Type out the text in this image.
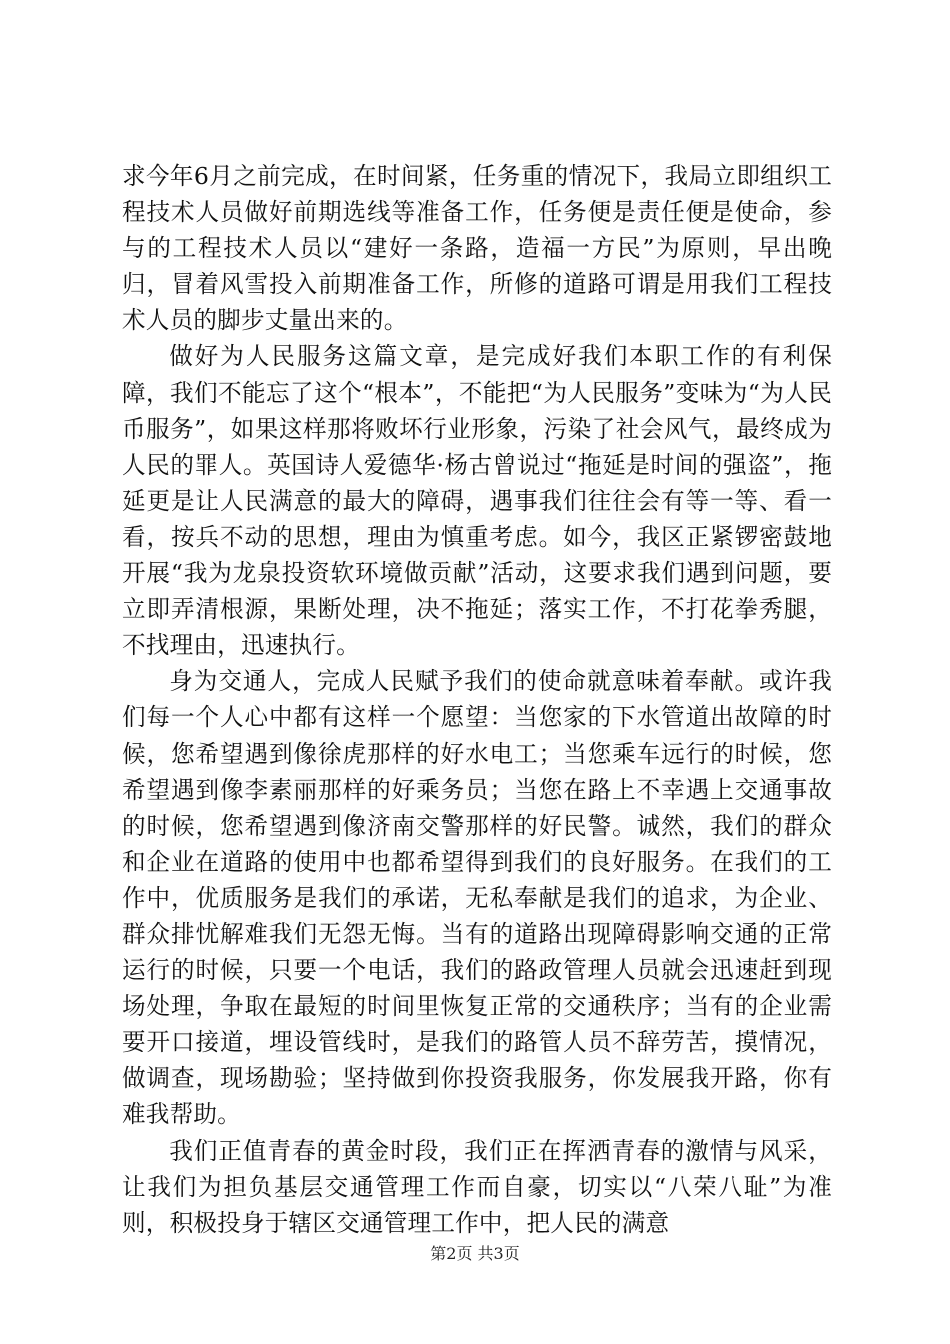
求今年6月之前完成，在时间紧，任务重的情况下，我局立即组织工程技术人员做好前期选线等准备工作，任务便是责任便是使命，参与的工程技术人员以“建好一条路，造福一方民”为原则，早出晚归，冒着风雪投入前期准备工作，所修的道路可谓是用我们工程技术人员的脚步丈量出来的。

做好为人民服务这篇文章，是完成好我们本职工作的有利保障，我们不能忘了这个“根本”，不能把“为人民服务”变味为“为人民币服务”，如果这样那将败坏行业形象，污染了社会风气，最终成为人民的罪人。英国诗人爱德华·杨古曾说过“拖延是时间的强盗”，拖延更是让人民满意的最大的障碍，遇事我们往往会有等一等、看一看，按兵不动的思想，理由为慎重考虑。如今，我区正紧锣密鼓地开展“我为龙泉投资软环境做贡献”活动，这要求我们遇到问题，要立即弄清根源，果断处理，决不拖延；落实工作，不打花拳秀腿，不找理由，迅速执行。

身为交通人，完成人民赋予我们的使命就意味着奉献。或许我们每一个人心中都有这样一个愿望：当您家的下水管道出故障的时候，您希望遇到像徐虎那样的好水电工；当您乘车远行的时候，您希望遇到像李素丽那样的好乘务员；当您在路上不幸遇上交通事故的时候，您希望遇到像济南交警那样的好民警。诚然，我们的群众和企业在道路的使用中也都希望得到我们的良好服务。在我们的工作中，优质服务是我们的承诺，无私奉献是我们的追求，为企业、群众排忧解难我们无怨无悔。当有的道路出现障碍影响交通的正常运行的时候，只要一个电话，我们的路政管理人员就会迅速赶到现场处理，争取在最短的时间里恢复正常的交通秩序；当有的企业需要开口接道，埋设管线时，是我们的路管人员不辞劳苦，摸情况，做调查，现场勘验；坚持做到你投资我服务，你发展我开路，你有难我帮助。

我们正值青春的黄金时段，我们正在挥洒青春的激情与风采，让我们为担负基层交通管理工作而自豪，切实以“八荣八耻”为准则，积极投身于辖区交通管理工作中，把人民的满意

第2页 共3页
